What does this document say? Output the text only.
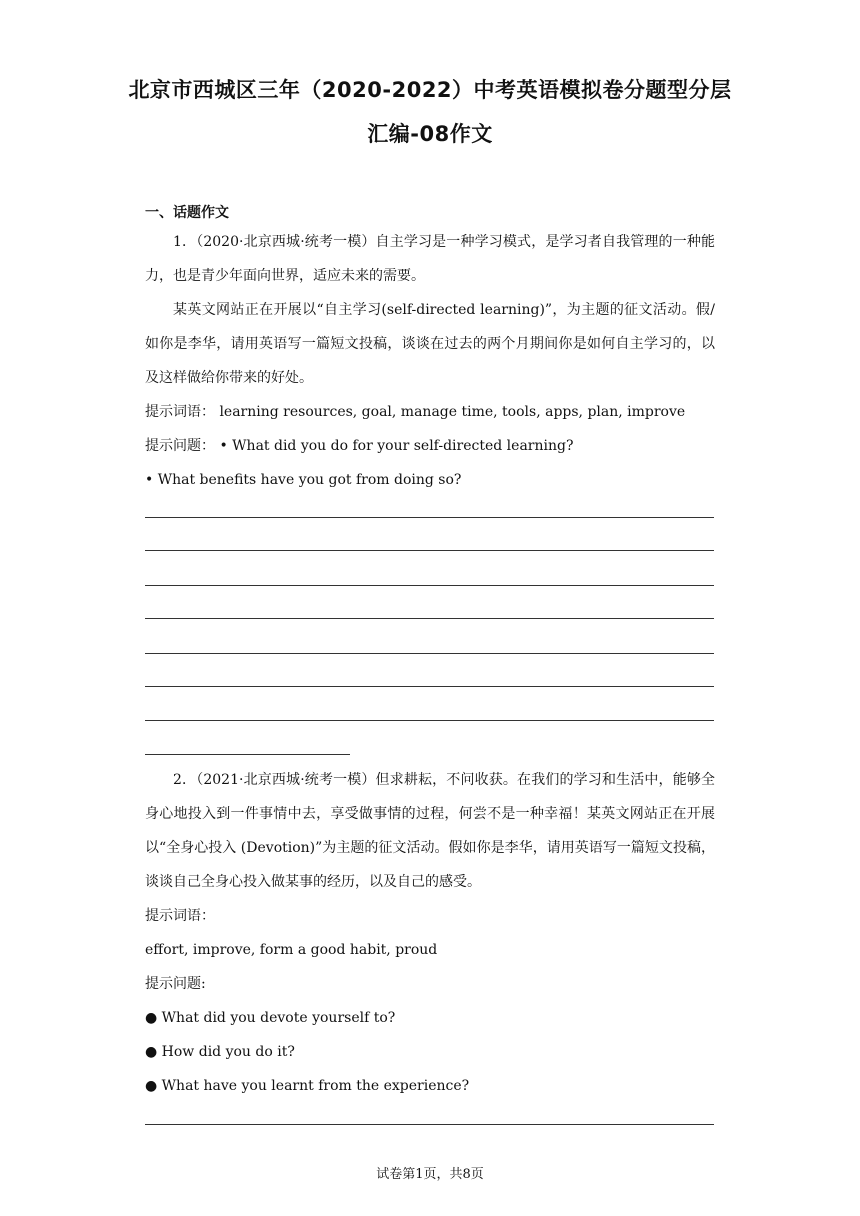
北京市西城区三年（2020-2022）中考英语模拟卷分题型分层
汇编-08作文
一、话题作文
1．（2020·北京西城·统考一模）自主学习是一种学习模式，是学习者自我管理的一种能力，也是青少年面向世界，适应未来的需要。
某英文网站正在开展以“自主学习(self-directed learning)”，为主题的征文活动。假/如你是李华，请用英语写一篇短文投稿，谈谈在过去的两个月期间你是如何自主学习的，以及这样做给你带来的好处。
提示词语： learning resources, goal, manage time, tools, apps, plan, improve
提示问题： • What did you do for your self-directed learning?
• What benefits have you got from doing so?
2．（2021·北京西城·统考一模）但求耕耘，不问收获。在我们的学习和生活中，能够全身心地投入到一件事情中去，享受做事情的过程，何尝不是一种幸福！某英文网站正在开展以“全身心投入 (Devotion)”为主题的征文活动。假如你是李华，请用英语写一篇短文投稿，谈谈自己全身心投入做某事的经历，以及自己的感受。
提示词语：
effort, improve, form a good habit, proud
提示问题:
● What did you devote yourself to?
● How did you do it?
● What have you learnt from the experience?
试卷第1页，共8页
